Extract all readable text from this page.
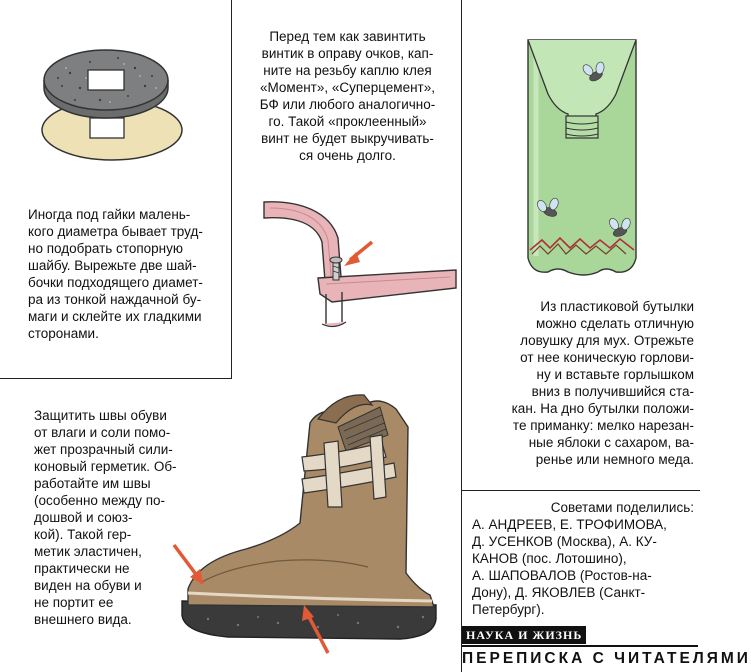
Иногда под гайки малень-
кого диаметра бывает труд-
но подобрать стопорную
шайбу. Вырежьте две шай-
бочки подходящего диамет-
ра из тонкой наждачной бу-
маги и склейте их гладкими
сторонами.
Перед тем как завинтить
винтик в оправу очков, кап-
ните на резьбу каплю клея
«Момент», «Суперцемент»,
БФ или любого аналогично-
го. Такой «проклеенный»
винт не будет выкручивать-
ся очень долго.
Из пластиковой бутылки
можно сделать отличную
ловушку для мух. Отрежьте
от нее коническую горлови-
ну и вставьте горлышком
вниз в получившийся ста-
кан. На дно бутылки положи-
те приманку: мелко нарезан-
ные яблоки с сахаром, ва-
ренье или немного меда.
Защитить швы обуви
от влаги и соли помо-
жет прозрачный сили-
коновый герметик. Об-
работайте им швы
(особенно между по-
дошвой и союз-
кой). Такой гер-
метик эластичен,
практически не
виден на обуви и
не портит ее
внешнего вида.
Советами поделились:
А. АНДРЕЕВ, Е. ТРОФИМОВА,
Д. УСЕНКОВ (Москва), А. КУ-
КАНОВ (пос. Лотошино),
А. ШАПОВАЛОВ (Ростов-на-
Дону), Д. ЯКОВЛЕВ (Санкт-
Петербург).
НАУКА И ЖИЗНЬ
ПЕРЕПИСКА С ЧИТАТЕЛЯМИ
